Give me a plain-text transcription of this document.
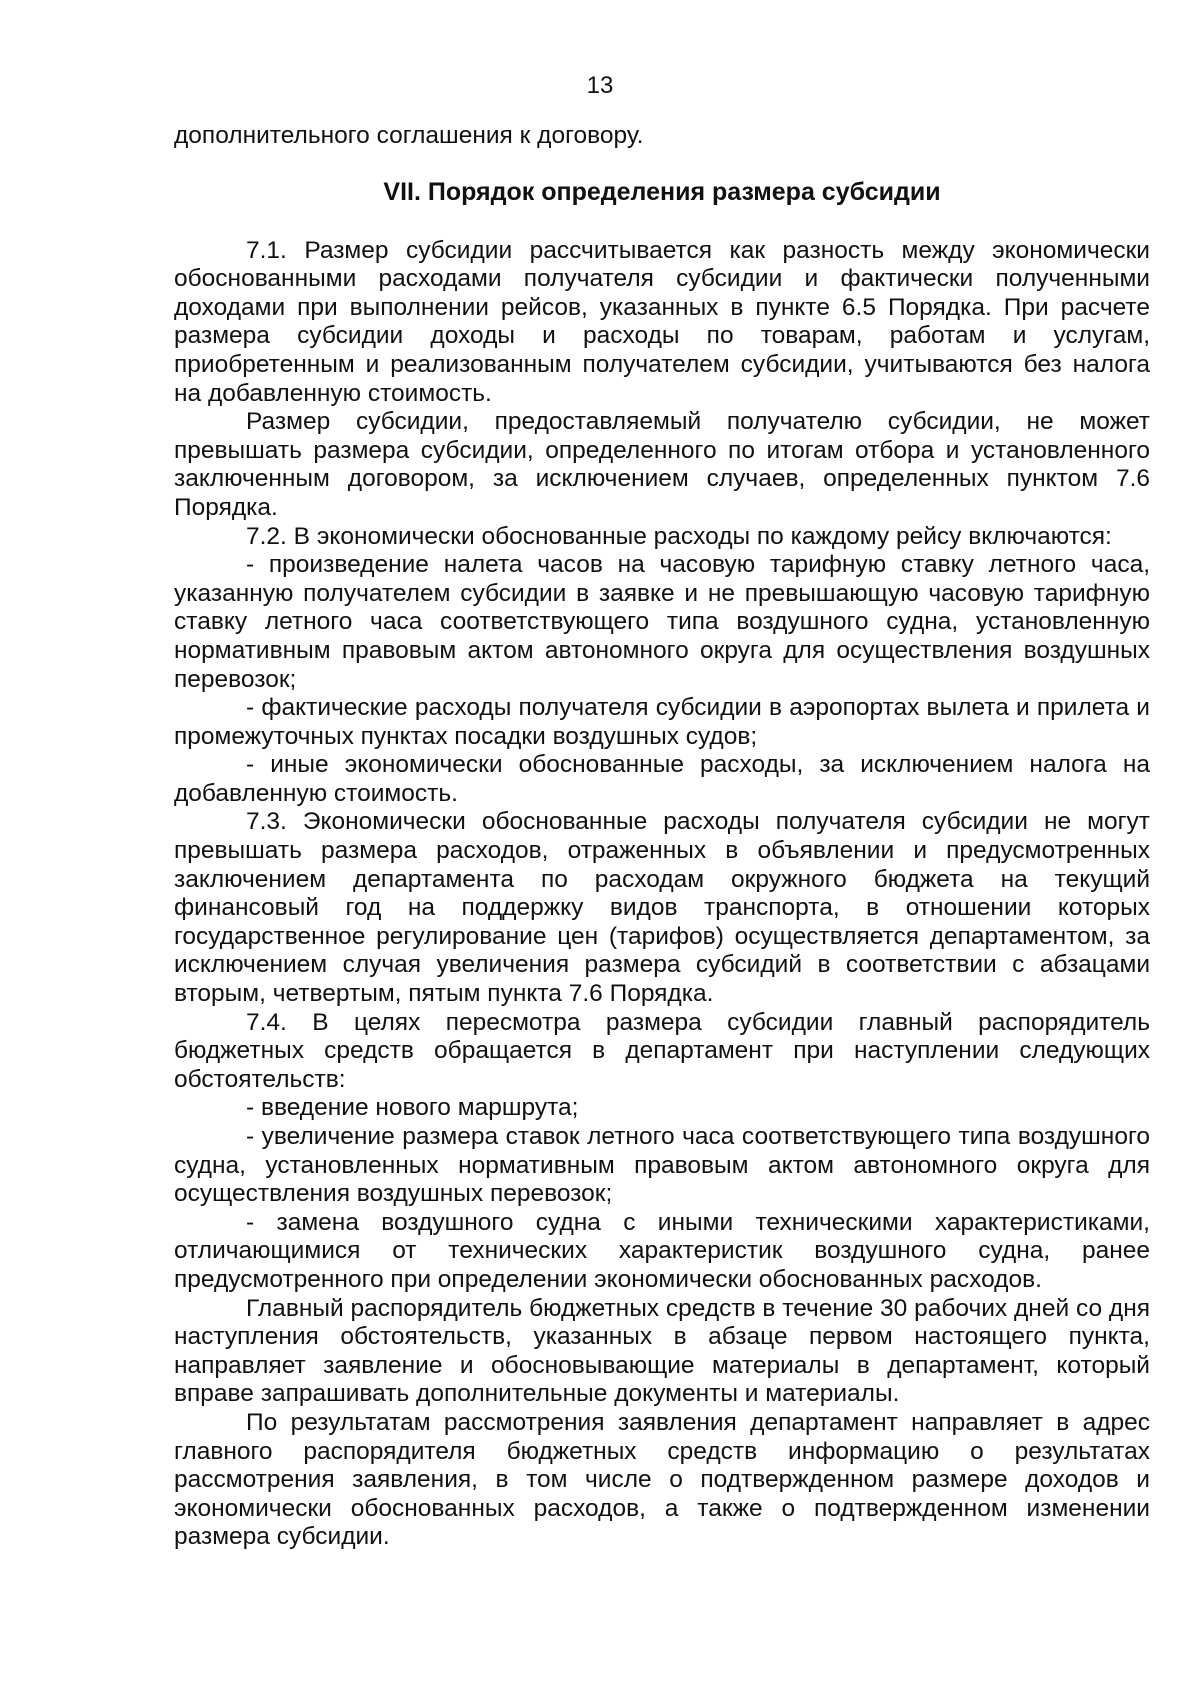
13

дополнительного соглашения к договору.

VII. Порядок определения размера субсидии

7.1. Размер субсидии рассчитывается как разность между экономически обоснованными расходами получателя субсидии и фактически полученными доходами при выполнении рейсов, указанных в пункте 6.5 Порядка. При расчете размера субсидии доходы и расходы по товарам, работам и услугам, приобретенным и реализованным получателем субсидии, учитываются без налога на добавленную стоимость.

Размер субсидии, предоставляемый получателю субсидии, не может превышать размера субсидии, определенного по итогам отбора и установленного заключенным договором, за исключением случаев, определенных пунктом 7.6 Порядка.

7.2. В экономически обоснованные расходы по каждому рейсу включаются:

- произведение налета часов на часовую тарифную ставку летного часа, указанную получателем субсидии в заявке и не превышающую часовую тарифную ставку летного часа соответствующего типа воздушного судна, установленную нормативным правовым актом автономного округа для осуществления воздушных перевозок;

- фактические расходы получателя субсидии в аэропортах вылета и прилета и промежуточных пунктах посадки воздушных судов;

- иные экономически обоснованные расходы, за исключением налога на добавленную стоимость.

7.3. Экономически обоснованные расходы получателя субсидии не могут превышать размера расходов, отраженных в объявлении и предусмотренных заключением департамента по расходам окружного бюджета на текущий финансовый год на поддержку видов транспорта, в отношении которых государственное регулирование цен (тарифов) осуществляется департаментом, за исключением случая увеличения размера субсидий в соответствии с абзацами вторым, четвертым, пятым пункта 7.6 Порядка.

7.4. В целях пересмотра размера субсидии главный распорядитель бюджетных средств обращается в департамент при наступлении следующих обстоятельств:

- введение нового маршрута;

- увеличение размера ставок летного часа соответствующего типа воздушного судна, установленных нормативным правовым актом автономного округа для осуществления воздушных перевозок;

- замена воздушного судна с иными техническими характеристиками, отличающимися от технических характеристик воздушного судна, ранее предусмотренного при определении экономически обоснованных расходов.

Главный распорядитель бюджетных средств в течение 30 рабочих дней со дня наступления обстоятельств, указанных в абзаце первом настоящего пункта, направляет заявление и обосновывающие материалы в департамент, который вправе запрашивать дополнительные документы и материалы.

По результатам рассмотрения заявления департамент направляет в адрес главного распорядителя бюджетных средств информацию о результатах рассмотрения заявления, в том числе о подтвержденном размере доходов и экономически обоснованных расходов, а также о подтвержденном изменении размера субсидии.
